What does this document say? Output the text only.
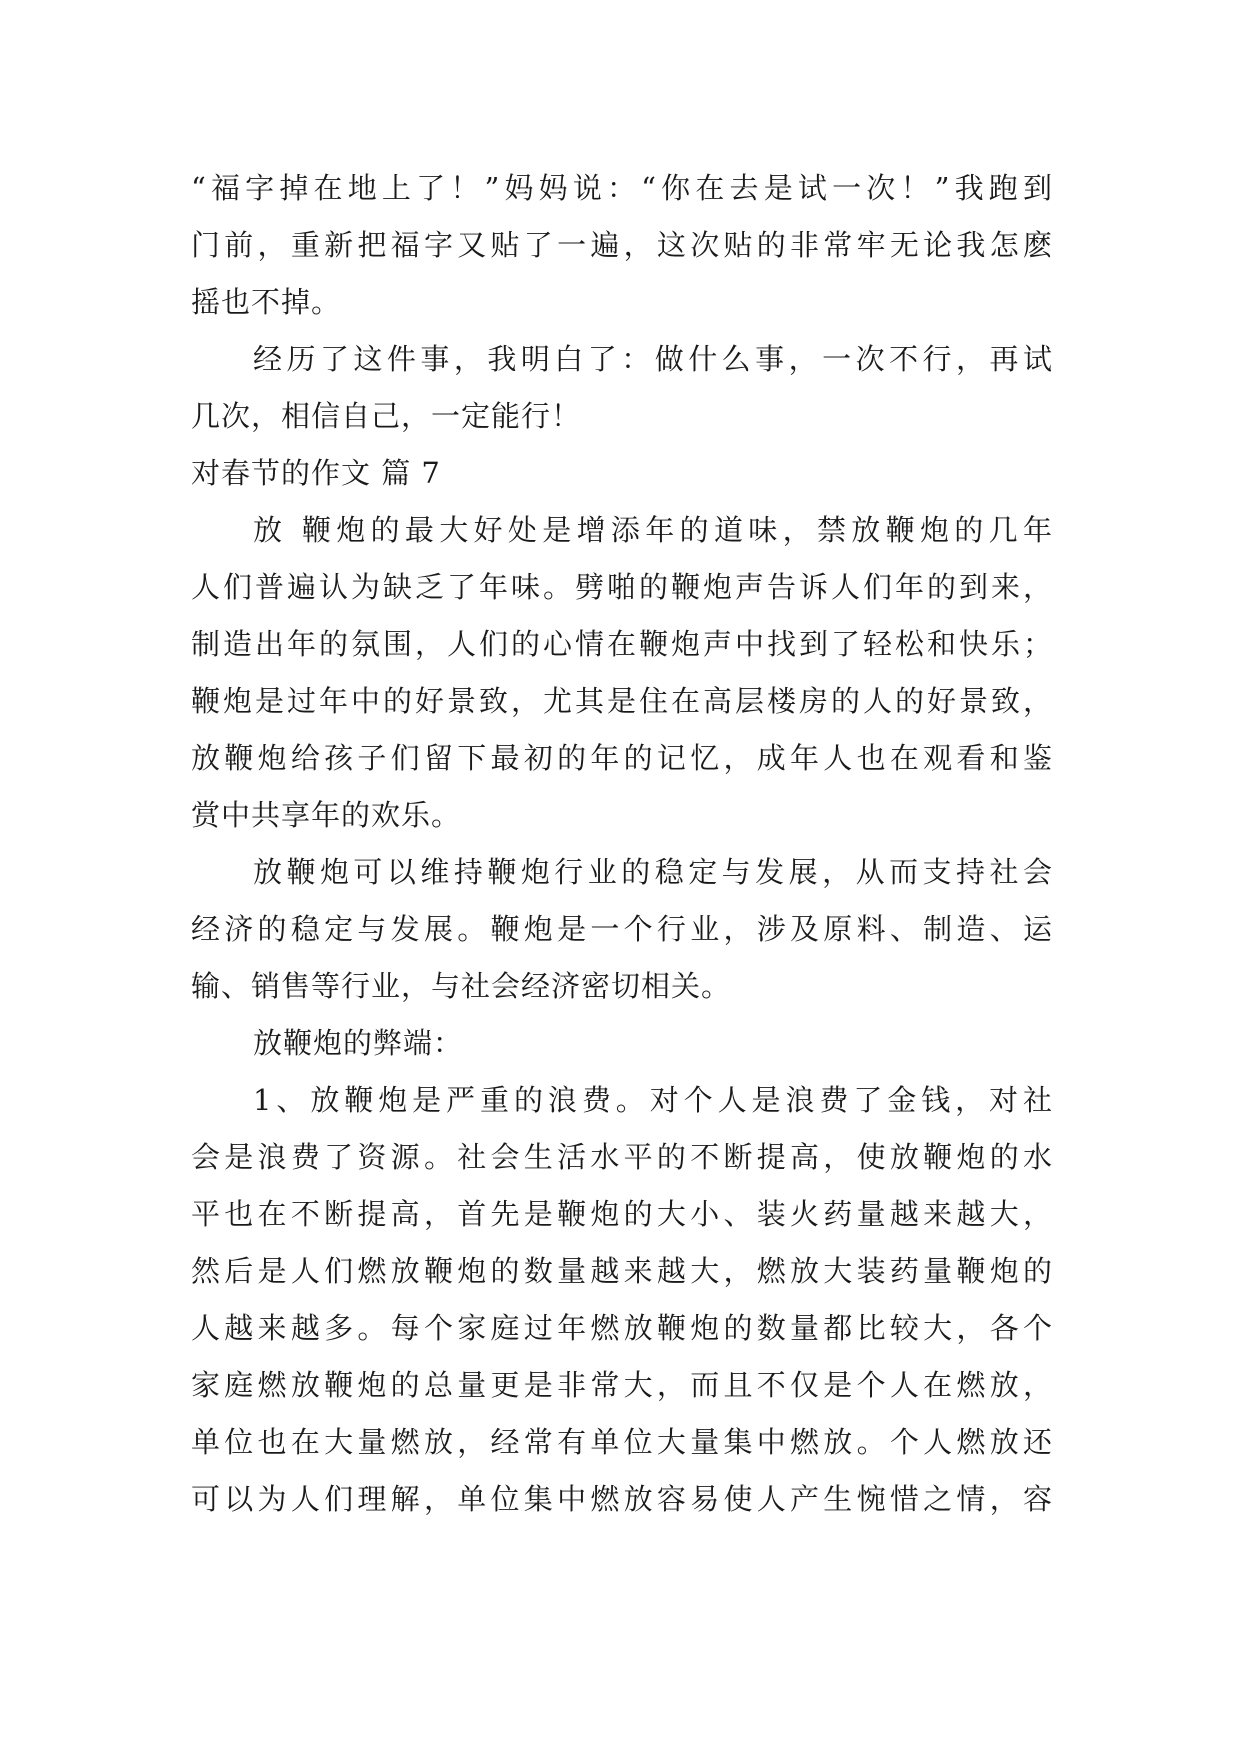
“福字掉在地上了！”妈妈说：“你在去是试一次！”我跑到
门前，重新把福字又贴了一遍，这次贴的非常牢无论我怎麽
摇也不掉。
经历了这件事，我明白了：做什么事，一次不行，再试
几次，相信自己，一定能行！
对春节的作文 篇 7
放 鞭炮的最大好处是增添年的道味，禁放鞭炮的几年
人们普遍认为缺乏了年味。劈啪的鞭炮声告诉人们年的到来，
制造出年的氛围，人们的心情在鞭炮声中找到了轻松和快乐；
鞭炮是过年中的好景致，尤其是住在高层楼房的人的好景致，
放鞭炮给孩子们留下最初的年的记忆，成年人也在观看和鉴
赏中共享年的欢乐。
放鞭炮可以维持鞭炮行业的稳定与发展，从而支持社会
经济的稳定与发展。鞭炮是一个行业，涉及原料、制造、运
输、销售等行业，与社会经济密切相关。
放鞭炮的弊端：
1、放鞭炮是严重的浪费。对个人是浪费了金钱，对社
会是浪费了资源。社会生活水平的不断提高，使放鞭炮的水
平也在不断提高，首先是鞭炮的大小、装火药量越来越大，
然后是人们燃放鞭炮的数量越来越大，燃放大装药量鞭炮的
人越来越多。每个家庭过年燃放鞭炮的数量都比较大，各个
家庭燃放鞭炮的总量更是非常大，而且不仅是个人在燃放，
单位也在大量燃放，经常有单位大量集中燃放。个人燃放还
可以为人们理解，单位集中燃放容易使人产生惋惜之情，容
